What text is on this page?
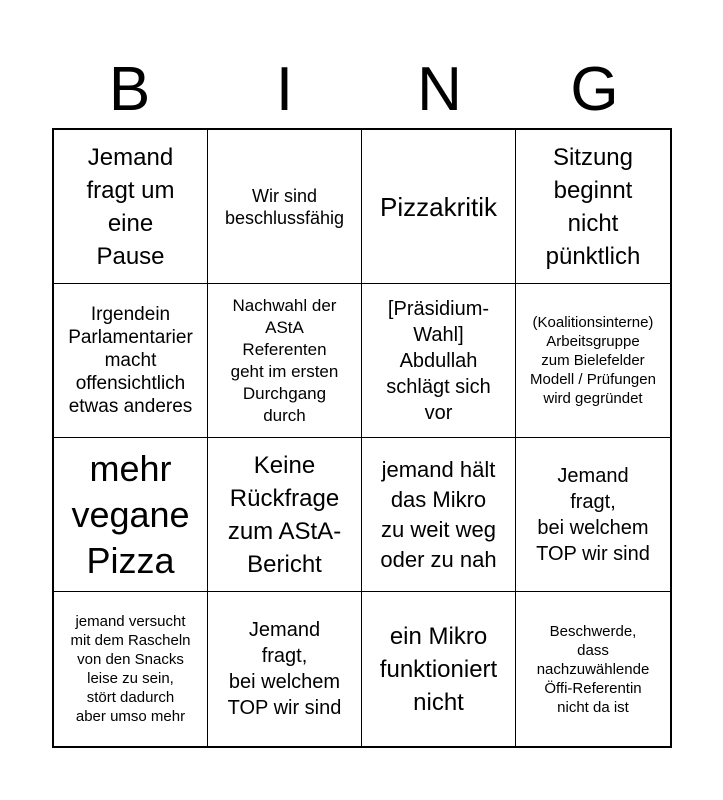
B	I	N	G
Jemand
fragt um
eine
Pause
Wir sind
beschlussfähig Pizzakritik
Sitzung
beginnt
nicht
pünktlich
Irgendein
Parlamentarier
macht
offensichtlich
etwas anderes
Nachwahl der
AStA
Referenten
geht im ersten
Durchgang
durch
[Präsidium-
Wahl]
Abdullah
schlägt sich
vor
(Koalitionsinterne)
Arbeitsgruppe
zum Bielefelder
Modell / Prüfungen
wird gegründet
mehr
vegane
Pizza
Keine
Rückfrage
zum AStA-
Bericht
jemand hält
das Mikro
zu weit weg
oder zu nah
Jemand
fragt,
bei welchem
TOP wir sind
jemand versucht
mit dem Rascheln
von den Snacks
leise zu sein,
stört dadurch
aber umso mehr
Jemand
fragt,
bei welchem
TOP wir sind
ein Mikro
funktioniert
nicht
Beschwerde,
dass
nachzuwählende
Öffi-Referentin
nicht da ist
